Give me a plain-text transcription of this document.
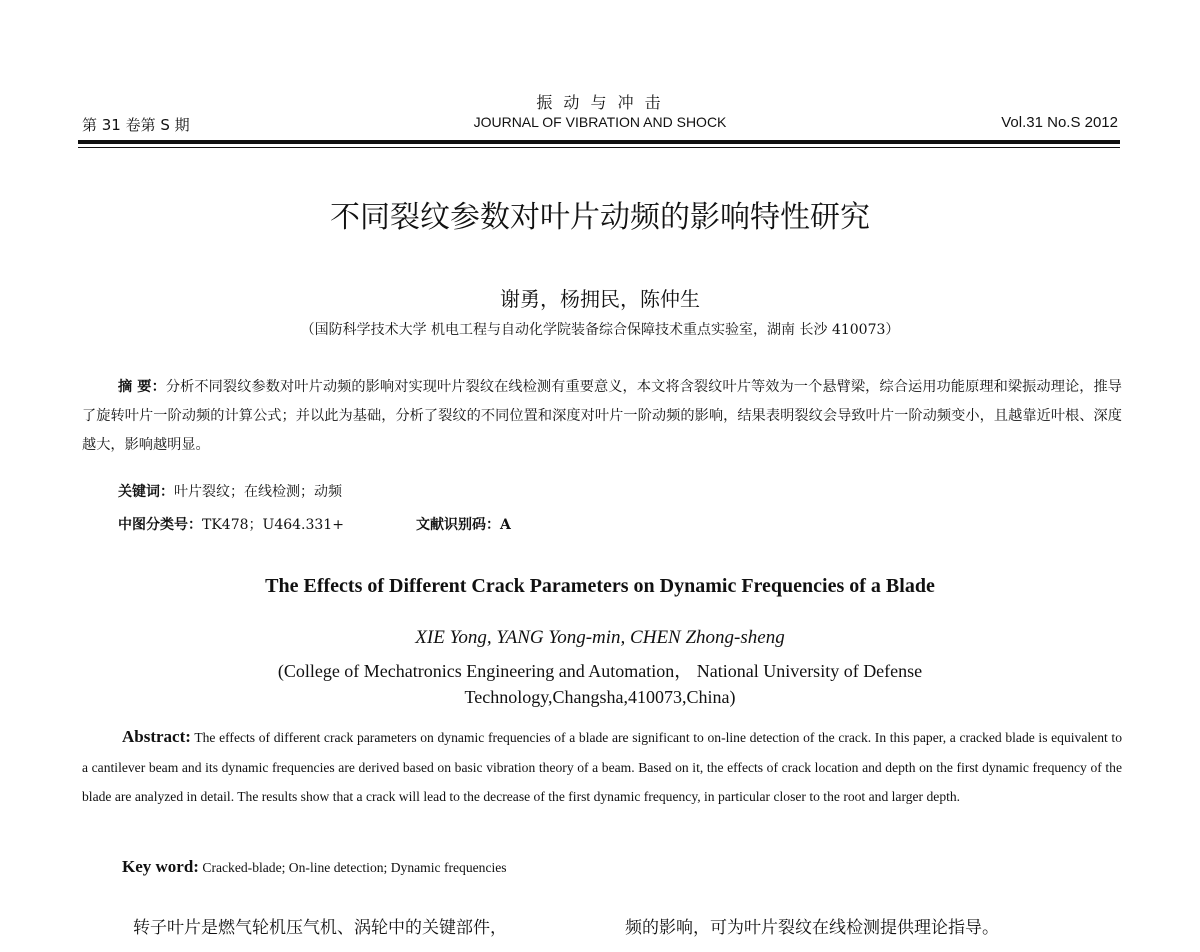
第 31 卷第 S 期
振 动 与 冲 击
JOURNAL OF VIBRATION AND SHOCK	Vol.31 No.S 2012
不同裂纹参数对叶片动频的影响特性研究
谢勇，杨拥民，陈仲生
（国防科学技术大学 机电工程与自动化学院装备综合保障技术重点实验室，湖南 长沙 410073）
摘 要：分析不同裂纹参数对叶片动频的影响对实现叶片裂纹在线检测有重要意义，本文将含裂纹叶片等效为一个悬臂梁，综合运用功能原理和梁振动理论，推导了旋转叶片一阶动频的计算公式；并以此为基础，分析了裂纹的不同位置和深度对叶片一阶动频的影响，结果表明裂纹会导致叶片一阶动频变小，且越靠近叶根、深度越大，影响越明显。
关键词：叶片裂纹；在线检测；动频
中图分类号：TK478；U464.331+	文献识别码：A
The Effects of Different Crack Parameters on Dynamic Frequencies of a Blade
XIE Yong, YANG Yong-min, CHEN Zhong-sheng
(College of Mechatronics Engineering and Automation， National University of Defense
Technology,Changsha,410073,China)
Abstract: The effects of different crack parameters on dynamic frequencies of a blade are significant to on-line detection of the crack. In this paper, a cracked blade is equivalent to a cantilever beam and its dynamic frequencies are derived based on basic vibration theory of a beam. Based on it, the effects of crack location and depth on the first dynamic frequency of the blade are analyzed in detail. The results show that a crack will lead to the decrease of the first dynamic frequency, in particular closer to the root and larger depth.
Key word: Cracked-blade; On-line detection; Dynamic frequencies
转子叶片是燃气轮机压气机、涡轮中的关键部件，	频的影响，可为叶片裂纹在线检测提供理论指导。
